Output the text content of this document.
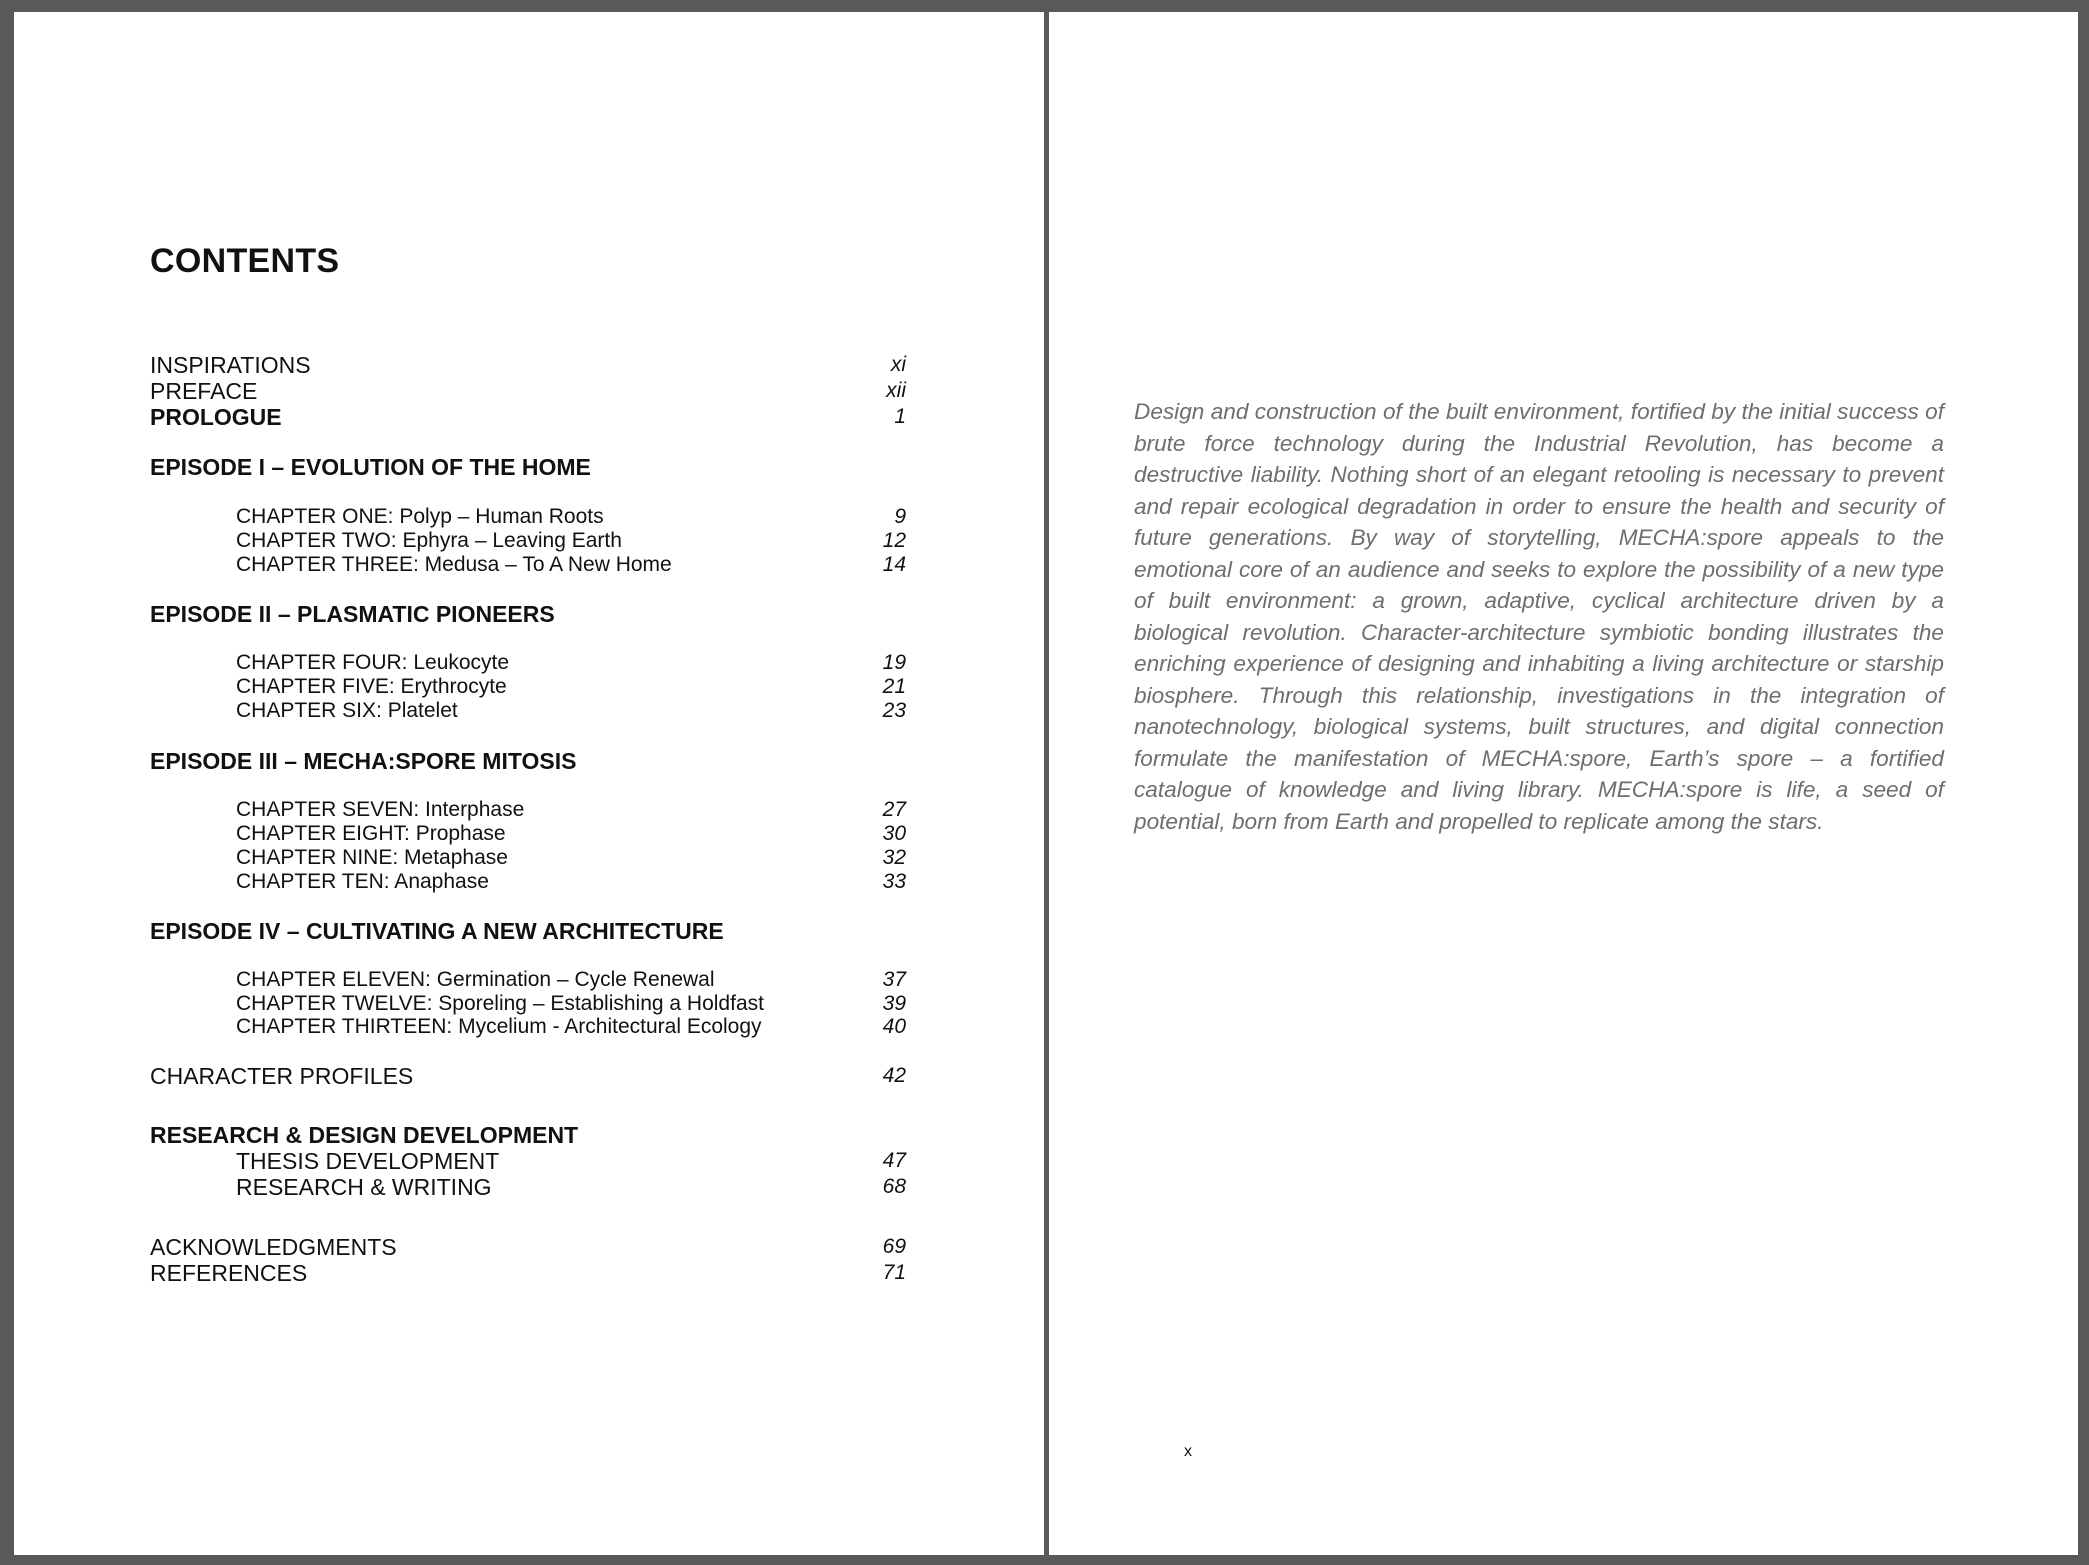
CONTENTS
INSPIRATIONS	xi
PREFACE	xii
PROLOGUE	1
EPISODE I – EVOLUTION OF THE HOME
CHAPTER ONE: Polyp – Human Roots	9
CHAPTER TWO: Ephyra – Leaving Earth	12
CHAPTER THREE: Medusa – To A New Home	14
EPISODE II – PLASMATIC PIONEERS
CHAPTER FOUR: Leukocyte	19
CHAPTER FIVE: Erythrocyte	21
CHAPTER SIX: Platelet	23
EPISODE III – MECHA:SPORE MITOSIS
CHAPTER SEVEN: Interphase	27
CHAPTER EIGHT: Prophase	30
CHAPTER NINE: Metaphase	32
CHAPTER TEN: Anaphase	33
EPISODE IV – CULTIVATING A NEW ARCHITECTURE
CHAPTER ELEVEN: Germination – Cycle Renewal	37
CHAPTER TWELVE: Sporeling – Establishing a Holdfast	39
CHAPTER THIRTEEN: Mycelium - Architectural Ecology	40
CHARACTER PROFILES	42
RESEARCH & DESIGN DEVELOPMENT
THESIS DEVELOPMENT	47
RESEARCH & WRITING	68
ACKNOWLEDGMENTS	69
REFERENCES	71
Design and construction of the built environment, fortified by the initial success of brute force technology during the Industrial Revolution, has become a destructive liability. Nothing short of an elegant retooling is necessary to prevent and repair ecological degradation in order to ensure the health and security of future generations. By way of storytelling, MECHA:spore appeals to the emotional core of an audience and seeks to explore the possibility of a new type of built environment: a grown, adaptive, cyclical architecture driven by a biological revolution. Character-architecture symbiotic bonding illustrates the enriching experience of designing and inhabiting a living architecture or starship biosphere. Through this relationship, investigations in the integration of nanotechnology, biological systems, built structures, and digital connection formulate the manifestation of MECHA:spore, Earth’s spore – a fortified catalogue of knowledge and living library. MECHA:spore is life, a seed of potential, born from Earth and propelled to replicate among the stars.
x
